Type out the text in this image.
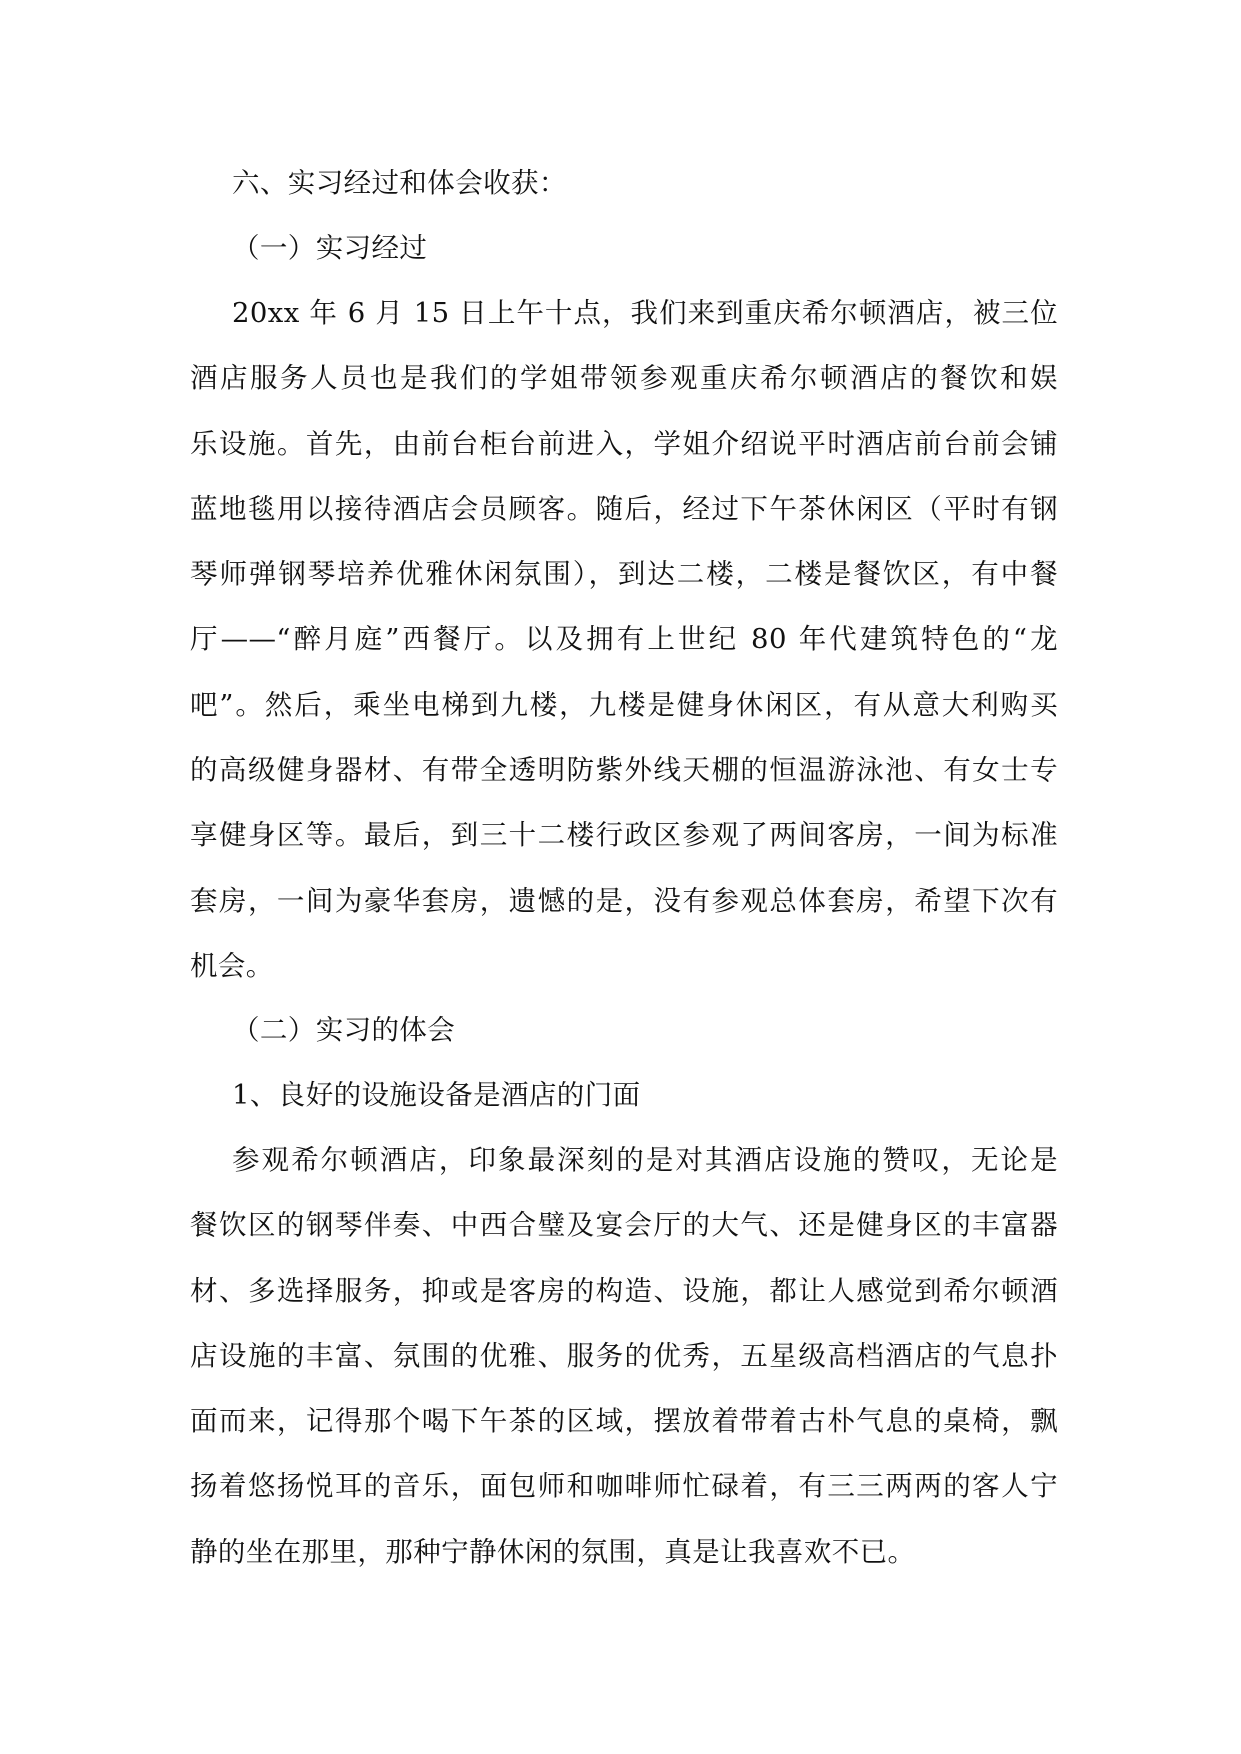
六、实习经过和体会收获：
（一）实习经过
20xx 年 6 月 15 日上午十点，我们来到重庆希尔顿酒店，被三位
酒店服务人员也是我们的学姐带领参观重庆希尔顿酒店的餐饮和娱
乐设施。首先，由前台柜台前进入，学姐介绍说平时酒店前台前会铺
蓝地毯用以接待酒店会员顾客。随后，经过下午茶休闲区（平时有钢
琴师弹钢琴培养优雅休闲氛围），到达二楼，二楼是餐饮区，有中餐
厅——“醉月庭”西餐厅。以及拥有上世纪 80 年代建筑特色的“龙
吧”。然后，乘坐电梯到九楼，九楼是健身休闲区，有从意大利购买
的高级健身器材、有带全透明防紫外线天棚的恒温游泳池、有女士专
享健身区等。最后，到三十二楼行政区参观了两间客房，一间为标准
套房，一间为豪华套房，遗憾的是，没有参观总体套房，希望下次有
机会。
（二）实习的体会
1、良好的设施设备是酒店的门面
参观希尔顿酒店，印象最深刻的是对其酒店设施的赞叹，无论是
餐饮区的钢琴伴奏、中西合璧及宴会厅的大气、还是健身区的丰富器
材、多选择服务，抑或是客房的构造、设施，都让人感觉到希尔顿酒
店设施的丰富、氛围的优雅、服务的优秀，五星级高档酒店的气息扑
面而来，记得那个喝下午茶的区域，摆放着带着古朴气息的桌椅，飘
扬着悠扬悦耳的音乐，面包师和咖啡师忙碌着，有三三两两的客人宁
静的坐在那里，那种宁静休闲的氛围，真是让我喜欢不已。
